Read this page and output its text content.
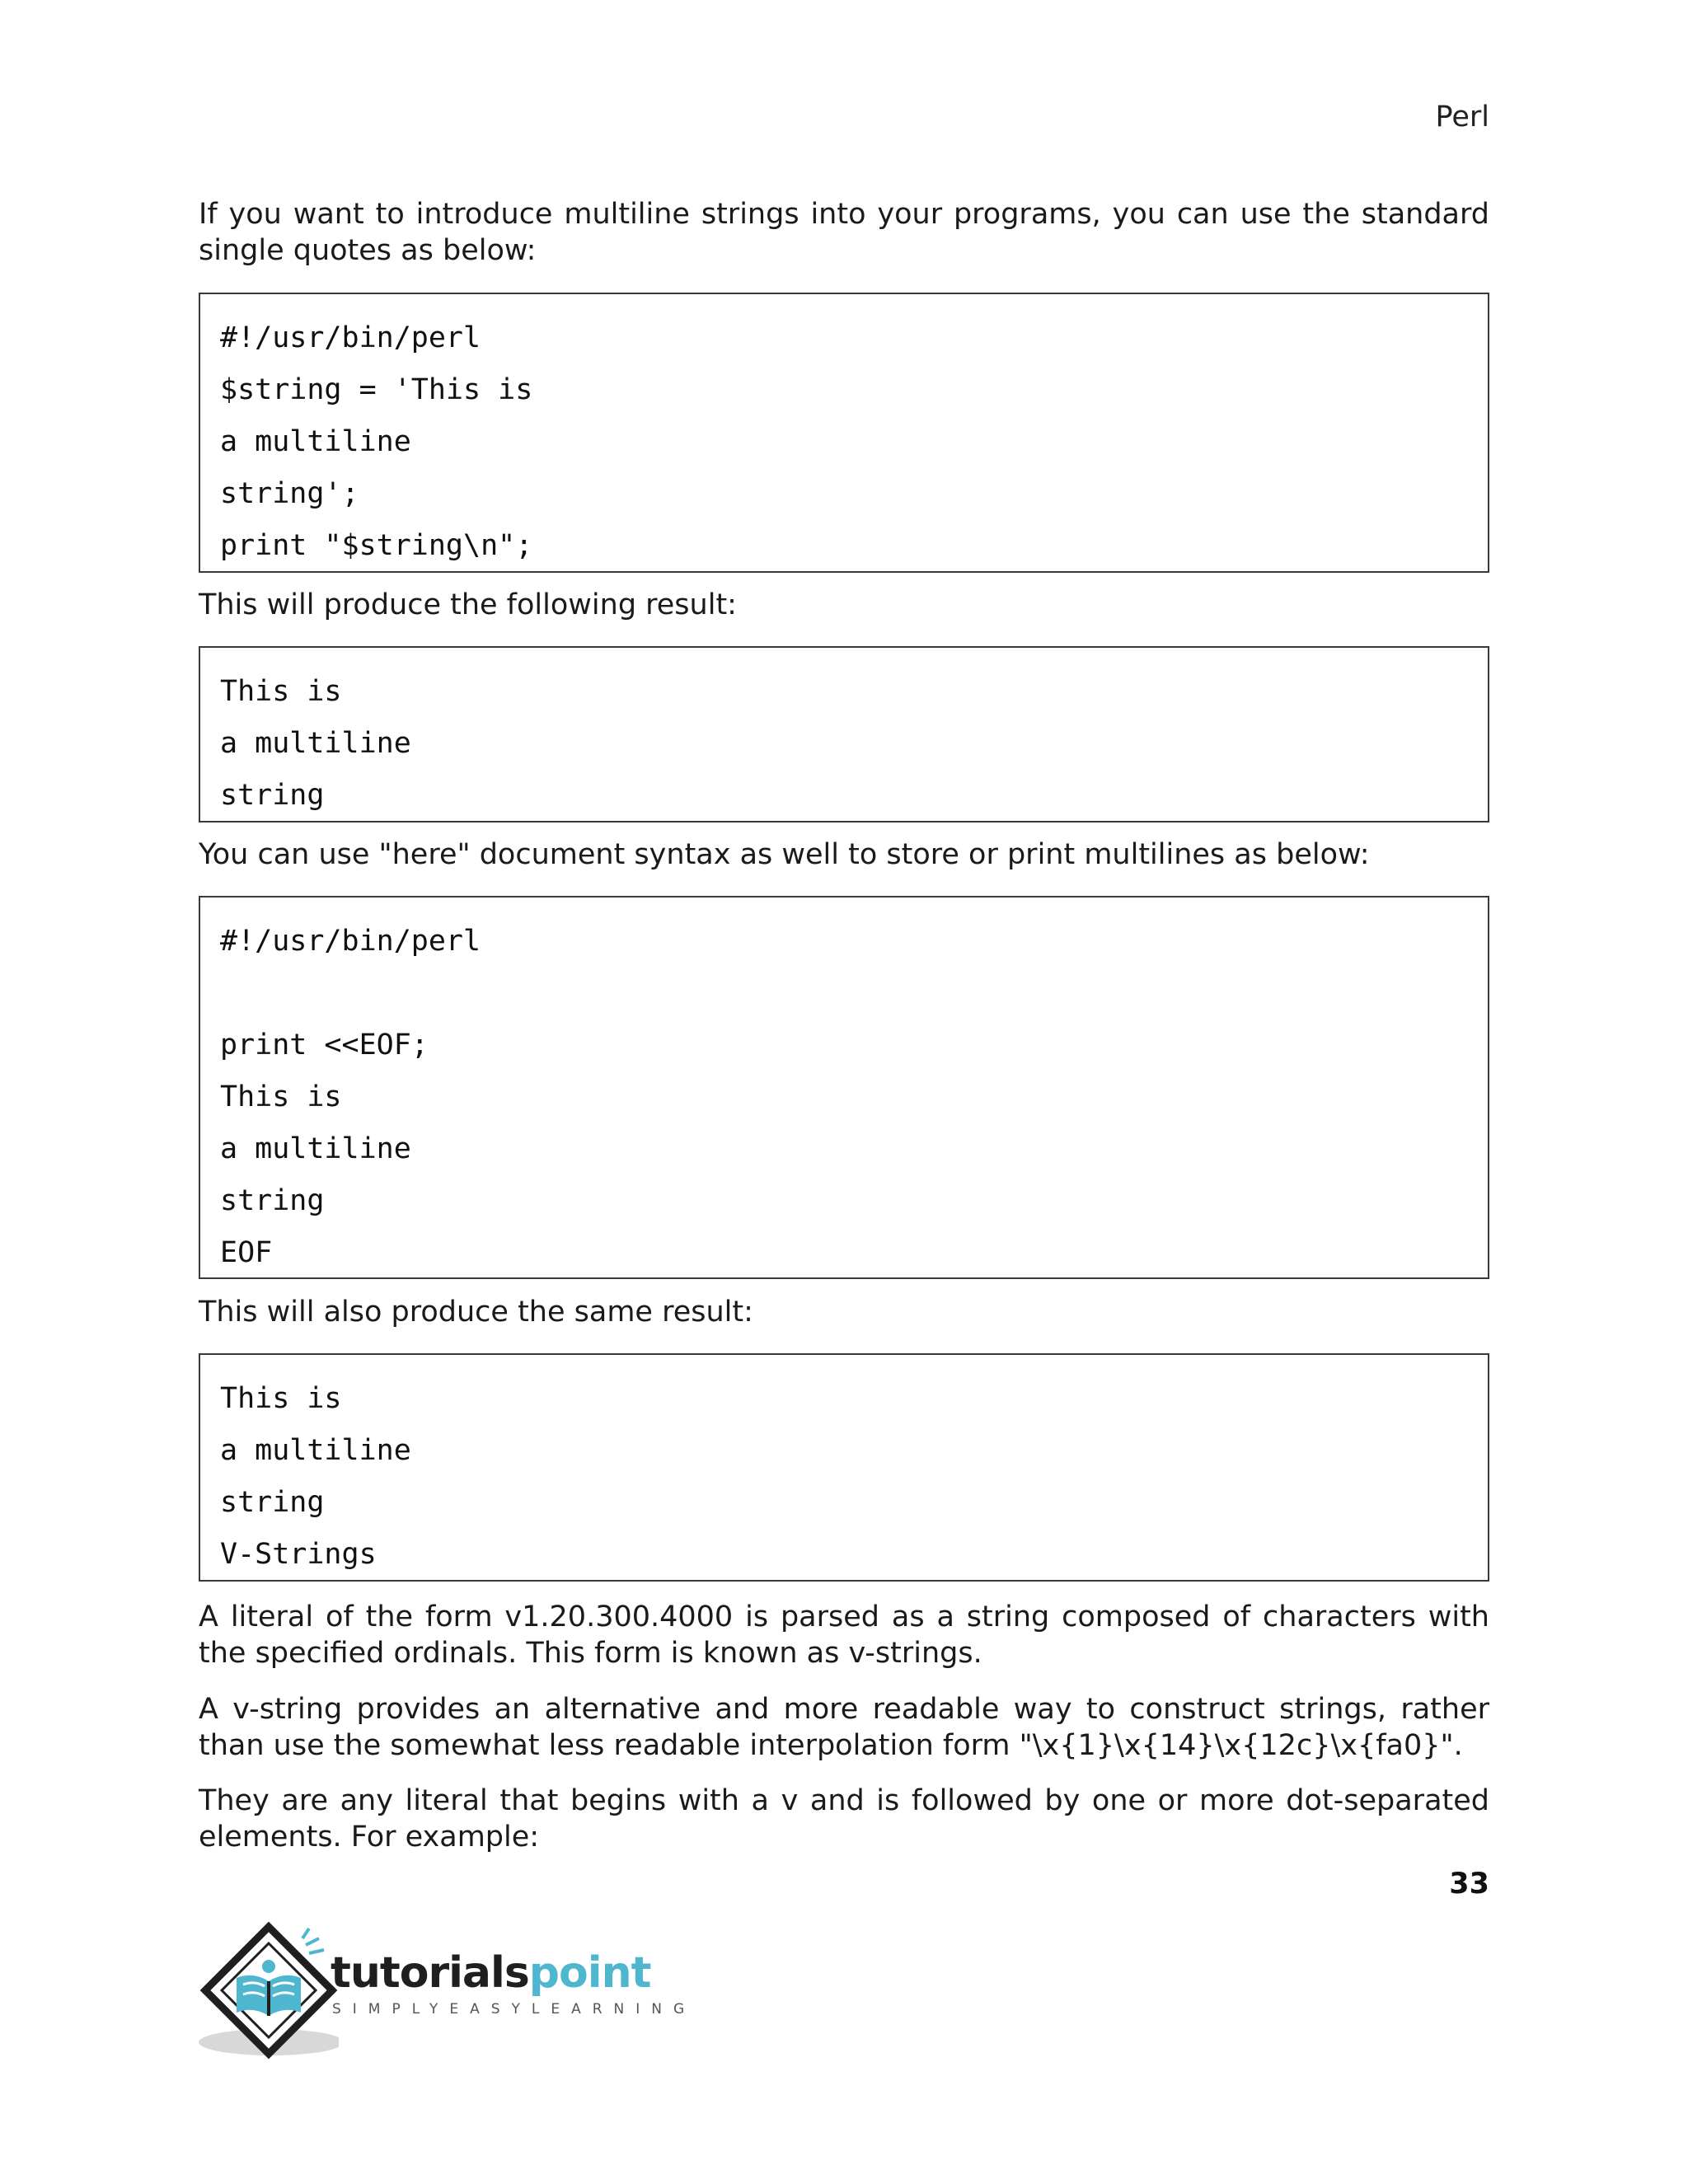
Perl

If you want to introduce multiline strings into your programs, you can use the standard single quotes as below:

#!/usr/bin/perl
$string = 'This is
a multiline
string';
print "$string\n";

This will produce the following result:

This is
a multiline
string

You can use "here" document syntax as well to store or print multilines as below:

#!/usr/bin/perl
print <<EOF;
This is
a multiline
string
EOF

This will also produce the same result:

This is
a multiline
string
V-Strings

A literal of the form v1.20.300.4000 is parsed as a string composed of characters with the specified ordinals. This form is known as v-strings.

A v-string provides an alternative and more readable way to construct strings, rather than use the somewhat less readable interpolation form "\x{1}\x{14}\x{12c}\x{fa0}".

They are any literal that begins with a v and is followed by one or more dot-separated elements. For example:

33
tutorialspoint
SIMPLYEASYLEARNING
